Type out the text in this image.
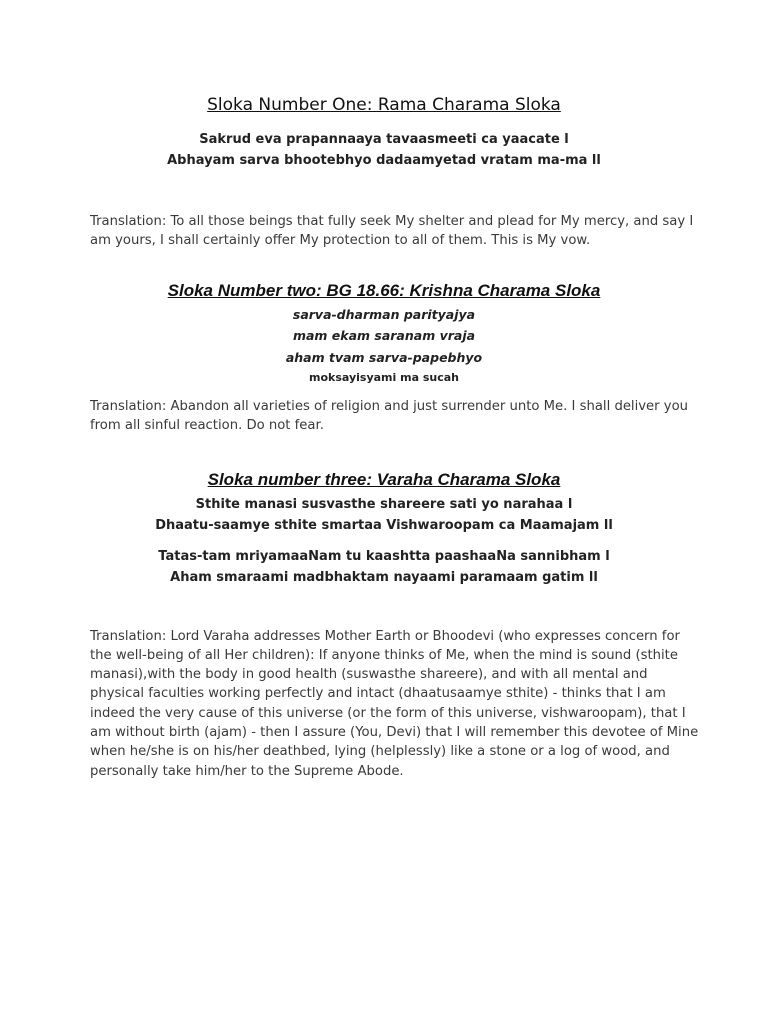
Sloka Number One: Rama Charama Sloka
Sakrud eva prapannaaya tavaasmeeti ca yaacate l
Abhayam sarva bhootebhyo dadaamyetad vratam ma-ma ll
Translation: To all those beings that fully seek My shelter and plead for My mercy, and say I
am yours, I shall certainly offer My protection to all of them. This is My vow.
Sloka Number two: BG 18.66: Krishna Charama Sloka
sarva-dharman parityajya
mam ekam saranam vraja
aham tvam sarva-papebhyo
moksayisyami ma sucah
Translation: Abandon all varieties of religion and just surrender unto Me. I shall deliver you
from all sinful reaction. Do not fear.
Sloka number three: Varaha Charama Sloka
Sthite manasi susvasthe shareere sati yo narahaa l
Dhaatu-saamye sthite smartaa Vishwaroopam ca Maamajam ll
Tatas-tam mriyamaaNam tu kaashtta paashaaNa sannibham l
Aham smaraami madbhaktam nayaami paramaam gatim ll
Translation: Lord Varaha addresses Mother Earth or Bhoodevi (who expresses concern for
the well-being of all Her children): If anyone thinks of Me, when the mind is sound (sthite
manasi),with the body in good health (suswasthe shareere), and with all mental and
physical faculties working perfectly and intact (dhaatusaamye sthite) - thinks that I am
indeed the very cause of this universe (or the form of this universe, vishwaroopam), that I
am without birth (ajam) - then I assure (You, Devi) that I will remember this devotee of Mine
when he/she is on his/her deathbed, lying (helplessly) like a stone or a log of wood, and
personally take him/her to the Supreme Abode.
